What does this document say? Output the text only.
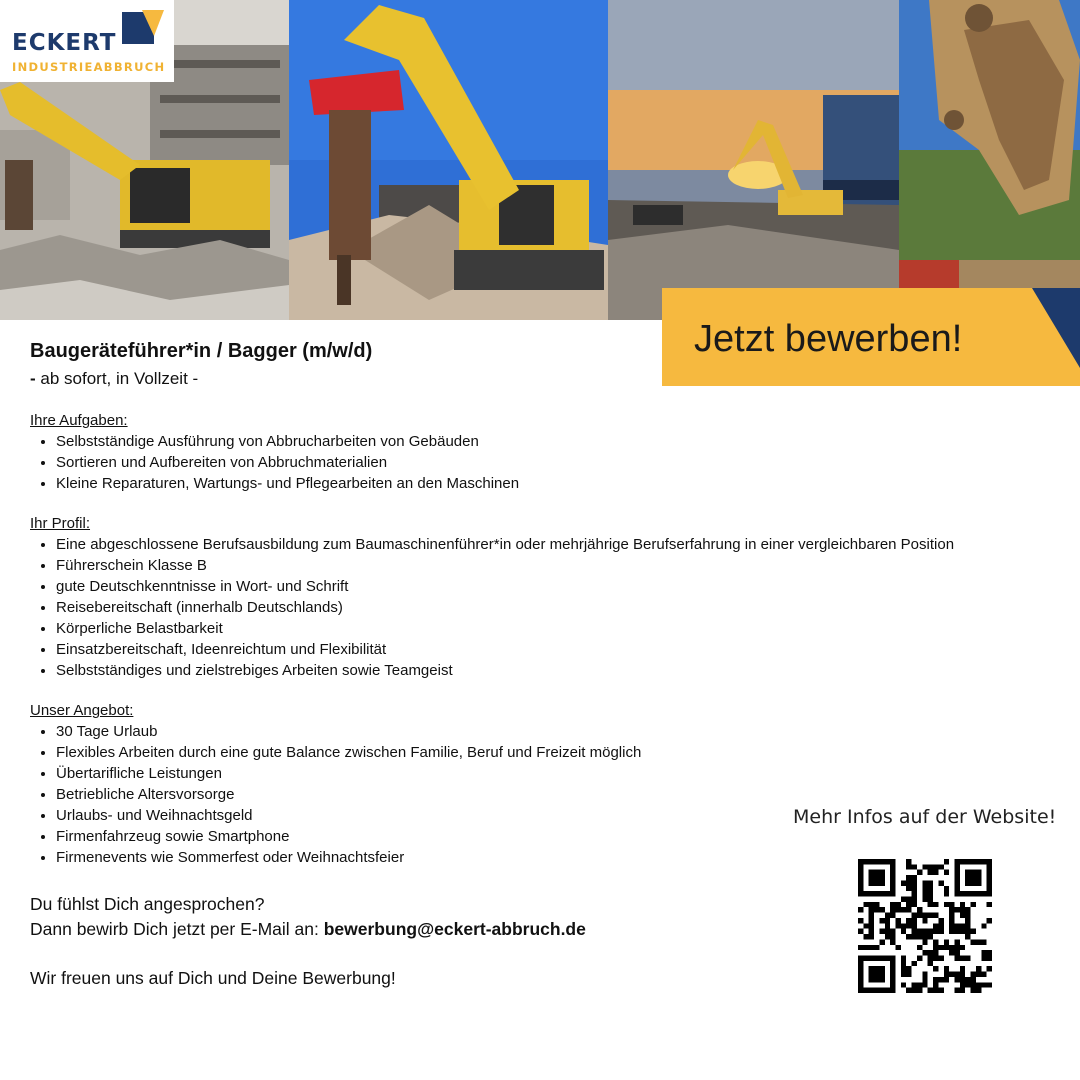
ECKERT
INDUSTRIEABBRUCH
Jetzt bewerben!
Baugeräteführer*in / Bagger (m/w/d)

- ab sofort, in Vollzeit -

Ihre Aufgaben:
• Selbstständige Ausführung von Abbrucharbeiten von Gebäuden
• Sortieren und Aufbereiten von Abbruchmaterialien
• Kleine Reparaturen, Wartungs- und Pflegearbeiten an den Maschinen
Ihr Profil:
• Eine abgeschlossene Berufsausbildung zum Baumaschinenführer*in oder mehrjährige Berufserfahrung in einer vergleichbaren Position
• Führerschein Klasse B
• gute Deutschkenntnisse in Wort- und Schrift
• Reisebereitschaft (innerhalb Deutschlands)
• Körperliche Belastbarkeit
• Einsatzbereitschaft, Ideenreichtum und Flexibilität
• Selbstständiges und zielstrebiges Arbeiten sowie Teamgeist
Unser Angebot:
• 30 Tage Urlaub
• Flexibles Arbeiten durch eine gute Balance zwischen Familie, Beruf und Freizeit möglich
• Übertarifliche Leistungen
• Betriebliche Altersvorsorge
• Urlaubs- und Weihnachtsgeld
• Firmenfahrzeug sowie Smartphone
• Firmenevents wie Sommerfest oder Weihnachtsfeier
Du fühlst Dich angesprochen?
Dann bewirb Dich jetzt per E-Mail an: bewerbung@eckert-abbruch.de
Wir freuen uns auf Dich und Deine Bewerbung!
Mehr Infos auf der Website!
